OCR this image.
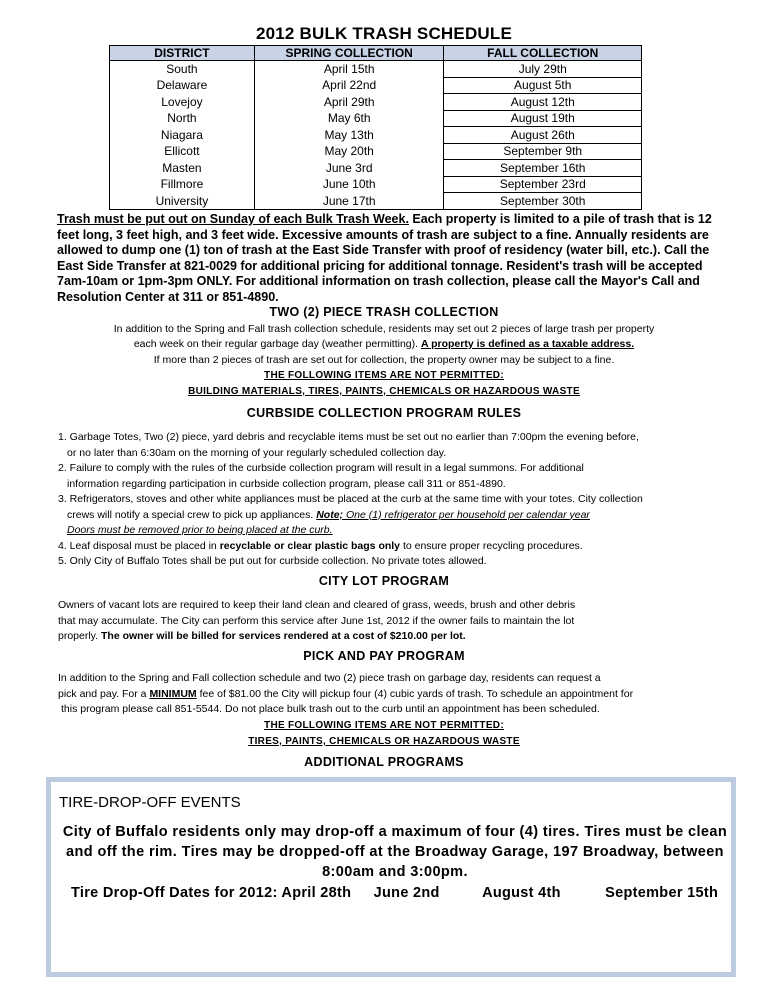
2012 BULK TRASH SCHEDULE
DISTRICT	SPRING COLLECTION	FALL COLLECTION
South	April 15th	July 29th
Delaware	April 22nd	August 5th
Lovejoy	April 29th	August 12th
North	May 6th	August 19th
Niagara	May 13th	August 26th
Ellicott	May 20th	September 9th
Masten	June 3rd	September 16th
Fillmore	June 10th	September 23rd
University	June 17th	September 30th
Trash must be put out on Sunday of each Bulk Trash Week. Each property is limited to a pile of trash that is 12 feet long, 3 feet high, and 3 feet wide. Excessive amounts of trash are subject to a fine. Annually residents are allowed to dump one (1) ton of trash at the East Side Transfer with proof of residency (water bill, etc.). Call the East Side Transfer at 821-0029 for additional pricing for additional tonnage. Resident's trash will be accepted 7am-10am or 1pm-3pm ONLY. For additional information on trash collection, please call the Mayor's Call and Resolution Center at 311 or 851-4890.
TWO (2) PIECE TRASH COLLECTION
In addition to the Spring and Fall trash collection schedule, residents may set out 2 pieces of large trash per property
each week on their regular garbage day (weather permitting). A property is defined as a taxable address.
If more than 2 pieces of trash are set out for collection, the property owner may be subject to a fine.
THE FOLLOWING ITEMS ARE NOT PERMITTED:
BUILDING MATERIALS, TIRES, PAINTS, CHEMICALS OR HAZARDOUS WASTE
CURBSIDE COLLECTION PROGRAM RULES

1. Garbage Totes, Two (2) piece, yard debris and recyclable items must be set out no earlier than 7:00pm the evening before,

or no later than 6:30am on the morning of your regularly scheduled collection day.

2. Failure to comply with the rules of the curbside collection program will result in a legal summons. For additional

information regarding participation in curbside collection program, please call 311 or 851-4890.

3. Refrigerators, stoves and other white appliances must be placed at the curb at the same time with your totes. City collection

crews will notify a special crew to pick up appliances. Note; One (1) refrigerator per household per calendar year

Doors must be removed prior to being placed at the curb.

4. Leaf disposal must be placed in recyclable or clear plastic bags only to ensure proper recycling procedures.

5. Only City of Buffalo Totes shall be put out for curbside collection. No private totes allowed.

CITY LOT PROGRAM

Owners of vacant lots are required to keep their land clean and cleared of grass, weeds, brush and other debris

that may accumulate. The City can perform this service after June 1st, 2012 if the owner fails to maintain the lot

properly. The owner will be billed for services rendered at a cost of $210.00 per lot.

PICK AND PAY PROGRAM

In addition to the Spring and Fall collection schedule and two (2) piece trash on garbage day, residents can request a

pick and pay. For a MINIMUM fee of $81.00 the City will pickup four (4) cubic yards of trash. To schedule an appointment for

this program please call 851-5544. Do not place bulk trash out to the curb until an appointment has been scheduled.

THE FOLLOWING ITEMS ARE NOT PERMITTED:
TIRES, PAINTS, CHEMICALS OR HAZARDOUS WASTE
ADDITIONAL PROGRAMS
TIRE-DROP-OFF EVENTS
City of Buffalo residents only may drop-off a maximum of four (4) tires. Tires must be clean and off the rim. Tires may be dropped-off at the Broadway Garage, 197 Broadway, between 8:00am and 3:00pm.
Tire Drop-Off Dates for 2012: April 28th June 2nd	August 4th	September 15th
